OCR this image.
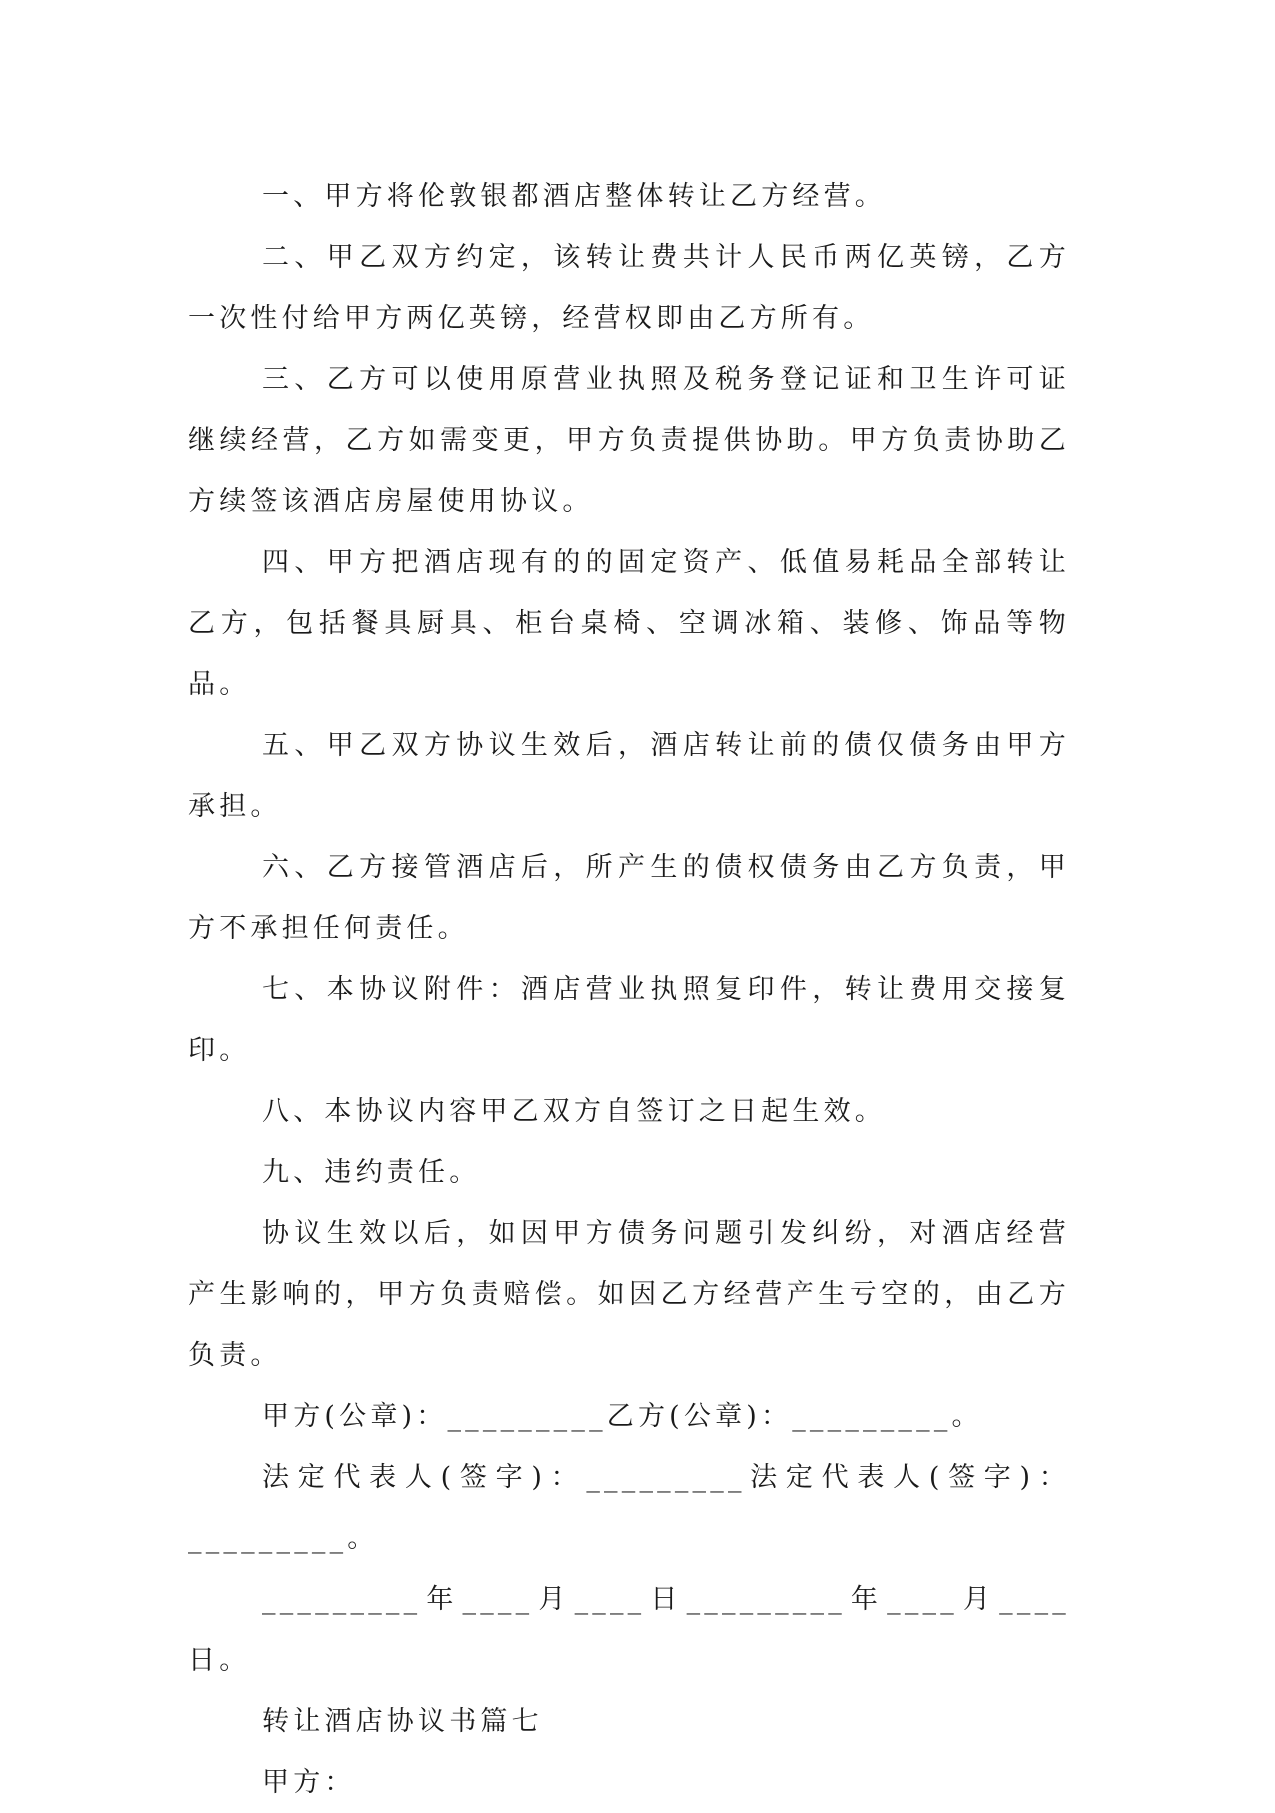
一、甲方将伦敦银都酒店整体转让乙方经营。

二、甲乙双方约定，该转让费共计人民币两亿英镑，乙方一次性付给甲方两亿英镑，经营权即由乙方所有。

三、乙方可以使用原营业执照及税务登记证和卫生许可证继续经营，乙方如需变更，甲方负责提供协助。甲方负责协助乙方续签该酒店房屋使用协议。

四、甲方把酒店现有的的固定资产、低值易耗品全部转让乙方，包括餐具厨具、柜台桌椅、空调冰箱、装修、饰品等物品。

五、甲乙双方协议生效后，酒店转让前的债仅债务由甲方承担。

六、乙方接管酒店后，所产生的债权债务由乙方负责，甲方不承担任何责任。

七、本协议附件：酒店营业执照复印件，转让费用交接复印。

八、本协议内容甲乙双方自签订之日起生效。

九、违约责任。

协议生效以后，如因甲方债务问题引发纠纷，对酒店经营产生影响的，甲方负责赔偿。如因乙方经营产生亏空的，由乙方负责。

甲方(公章)：_________乙方(公章)：_________。

法定代表人(签字)：_________法定代表人(签字)：_________。

_________年____月____日_________年____月____日。

转让酒店协议书篇七

甲方：
